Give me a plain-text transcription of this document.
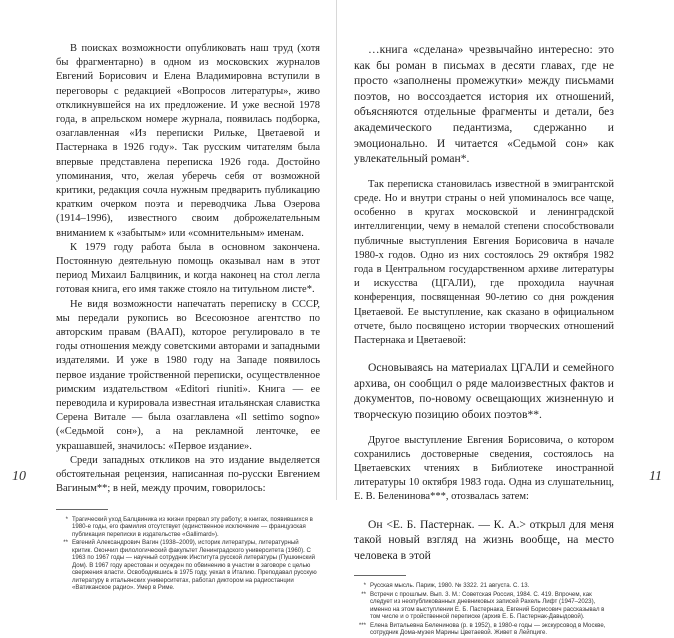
В поисках возможности опубликовать наш труд (хотя бы фрагментарно) в одном из московских журналов Евгений Борисович и Елена Владимировна вступили в переговоры с редакцией «Вопросов литературы», живо откликнувшейся на их предложение. И уже весной 1978 года, в апрельском номере журнала, появилась подборка, озаглавленная «Из переписки Рильке, Цветаевой и Пастернака в 1926 году». Так русским читателям была впервые представлена переписка 1926 года. Достойно упоминания, что, желая уберечь себя от возможной критики, редакция сочла нужным предварить публикацию кратким очерком поэта и переводчика Льва Озерова (1914–1996), известного своим доброжелательным вниманием к «забытым» или «сомнительным» именам.

К 1979 году работа была в основном закончена. Постоянную деятельную помощь оказывал нам в этот период Михаил Балцвиник, и когда наконец на стол легла готовая книга, его имя также стояло на титульном листе*.

Не видя возможности напечатать переписку в СССР, мы передали рукопись во Всесоюзное агентство по авторским правам (ВААП), которое регулировало в те годы отношения между советскими авторами и западными издателями. И уже в 1980 году на Западе появилось первое издание тройственной переписки, осуществленное римским издательством «Editori riuniti». Книга — ее переводила и курировала известная итальянская славистка Серена Витале — была озаглавлена «Il settimo sogno» («Седьмой сон»), а на рекламной ленточке, ее украшавшей, значилось: «Первое издание».

Среди западных откликов на это издание выделяется обстоятельная рецензия, написанная по-русски Евгением Вагиным**; в ней, между прочим, говорилось:

* Трагический уход Балцвиника из жизни прервал эту работу; в книгах, появившихся в 1980-е годы, его фамилия отсутствует (единственное исключение — французская публикация переписки в издательстве «Gallimard»).
** Евгений Александрович Вагин (1938–2009), историк литературы, литературный критик. Окончил филологический факультет Ленинградского университета (1960). С 1963 по 1967 годы — научный сотрудник Института русской литературы (Пушкинский Дом). В 1967 году арестован и осужден по обвинению в участии в заговоре с целью свержения власти. Освободившись в 1975 году, уехал в Италию. Преподавал русскую литературу в итальянских университетах, работал диктором на радиостанции «Ватиканское радио». Умер в Риме.
10

…книга «сделана» чрезвычайно интересно: это как бы роман в письмах в десяти главах, где не просто «заполнены промежутки» между письмами поэтов, но воссоздается история их отношений, объясняются отдельные фрагменты и детали, без академического педантизма, сдержанно и эмоционально. И читается «Седьмой сон» как увлекательный роман*.

Так переписка становилась известной в эмигрантской среде. Но и внутри страны о ней упоминалось все чаще, особенно в кругах московской и ленинградской интеллигенции, чему в немалой степени способствовали публичные выступления Евгения Борисовича в начале 1980-х годов. Одно из них состоялось 29 октября 1982 года в Центральном государственном архиве литературы и искусства (ЦГАЛИ), где проходила научная конференция, посвященная 90-летию со дня рождения Цветаевой. Ее выступление, как сказано в официальном отчете, было посвящено истории творческих отношений Пастернака и Цветаевой:

Основываясь на материалах ЦГАЛИ и семейного архива, он сообщил о ряде малоизвестных фактов и документов, по-новому освещающих жизненную и творческую позицию обоих поэтов**.

Другое выступление Евгения Борисовича, о котором сохранились достоверные сведения, состоялось на Цветаевских чтениях в Библиотеке иностранной литературы 10 октября 1983 года. Одна из слушательниц, Е. В. Беленинова***, отозвалась затем:

Он <Е. Б. Пастернак. — К. А.> открыл для меня такой новый взгляд на жизнь вообще, на место человека в этой

* Русская мысль. Париж, 1980. № 3322. 21 августа. С. 13.
** Встречи с прошлым. Вып. 3. М.: Советская Россия, 1984. С. 419. Впрочем, как следует из неопубликованных дневниковых записей Рахель Лифт (1947–2023), именно на этом выступлении Е. Б. Пастернака, Евгений Борисович рассказывал в том числе и о тройственной переписке (архив Е. Б. Пастернак-Давыдовой).
*** Елена Витальевна Беленинова (р. в 1952), в 1980-е годы — экскурсовод в Москве, сотрудник Дома-музея Марины Цветаевой. Живет в Лейпциге.
11
